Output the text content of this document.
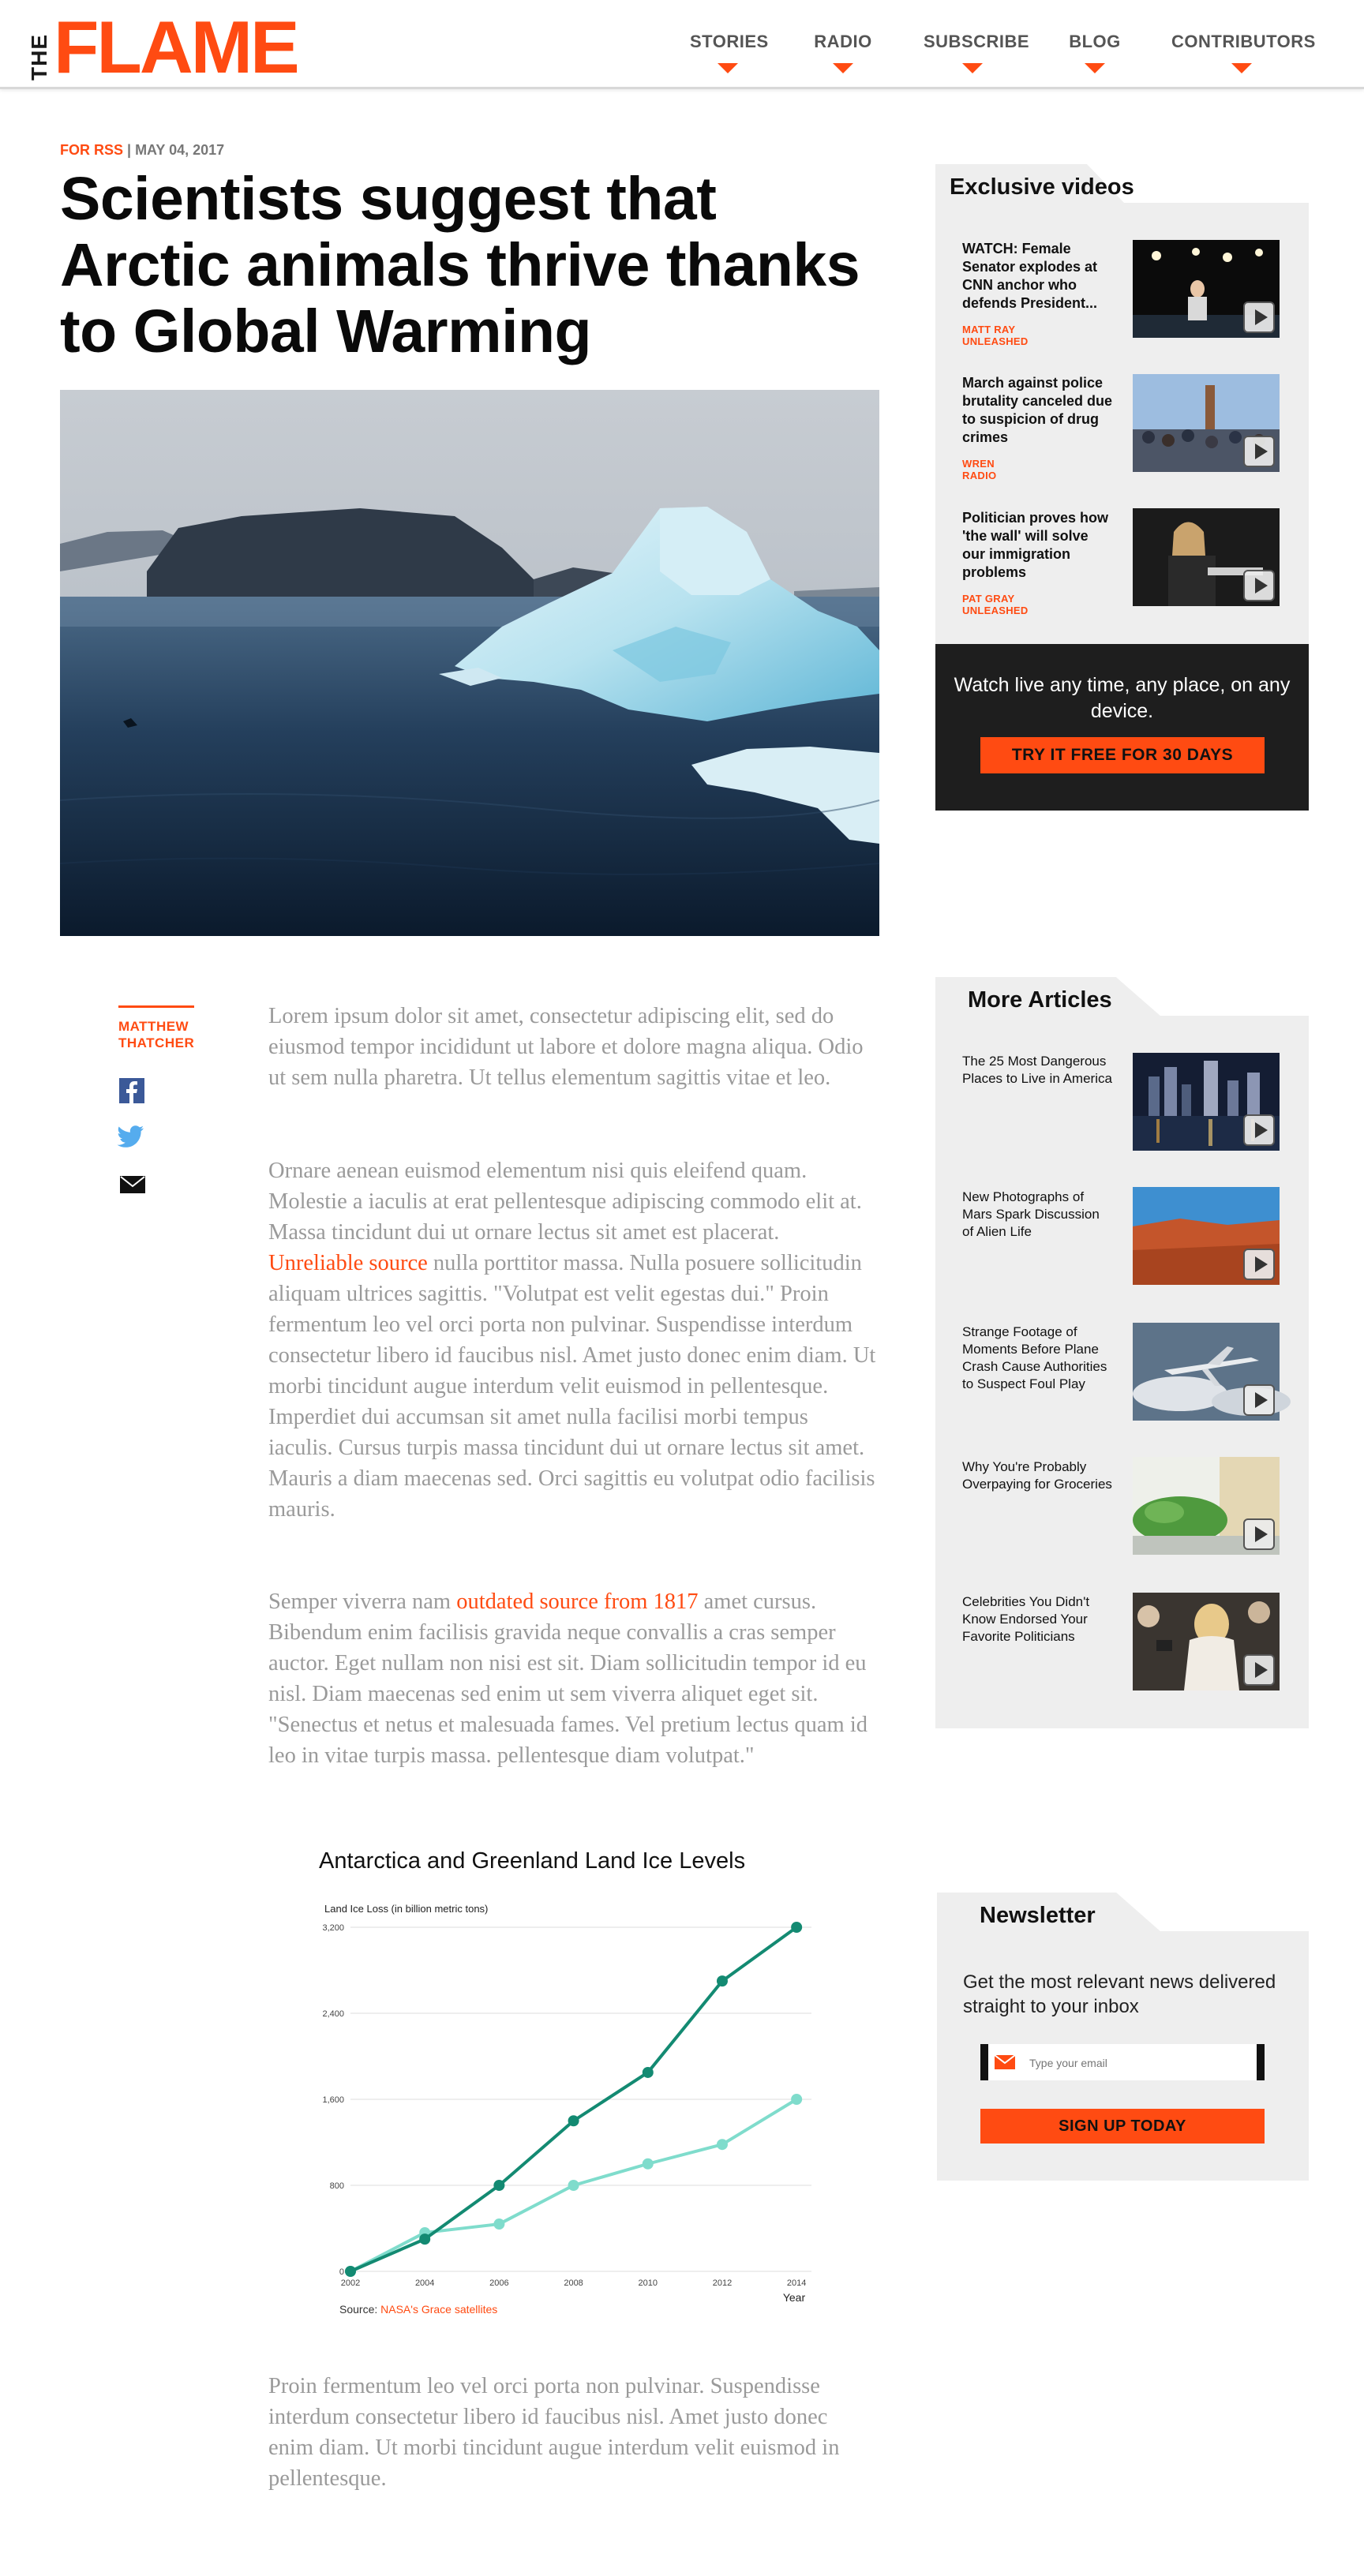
THE FLAME	STORIES	RADIO	SUBSCRIBE BLOG	CONTRIBUTORS
FOR RSS | MAY 04, 2017
Scientists suggest that Arctic animals thrive thanks to Global Warming
Exclusive videos
WATCH: Female Senator explodes at CNN anchor who defends President...
MATT RAY UNLEASHED
March against police brutality canceled due to suspicion of drug crimes
WREN RADIO
Politician proves how 'the wall' will solve our immigration problems
PAT GRAY UNLEASHED
Watch live any time, any place, on any device.
TRY IT FREE FOR 30 DAYS
More Articles
The 25 Most Dangerous Places to Live in America
New Photographs of Mars Spark Discussion of Alien Life
Strange Footage of Moments Before Plane Crash Cause Authorities to Suspect Foul Play
Why You're Probably Overpaying for Groceries
Celebrities You Didn't Know Endorsed Your Favorite Politicians
Newsletter
Get the most relevant news delivered straight to your inbox
Type your email
SIGN UP TODAY
MATTHEW
THATCHER
Lorem ipsum dolor sit amet, consectetur adipiscing elit, sed do eiusmod tempor incididunt ut labore et dolore magna aliqua. Odio ut sem nulla pharetra. Ut tellus elementum sagittis vitae et leo.
Ornare aenean euismod elementum nisi quis eleifend quam. Molestie a iaculis at erat pellentesque adipiscing commodo elit at. Massa tincidunt dui ut ornare lectus sit amet est placerat. Unreliable source nulla porttitor massa. Nulla posuere sollicitudin aliquam ultrices sagittis. "Volutpat est velit egestas dui." Proin fermentum leo vel orci porta non pulvinar. Suspendisse interdum consectetur libero id faucibus nisl. Amet justo donec enim diam. Ut morbi tincidunt augue interdum velit euismod in pellentesque. Imperdiet dui accumsan sit amet nulla facilisi morbi tempus iaculis. Cursus turpis massa tincidunt dui ut ornare lectus sit amet. Mauris a diam maecenas sed. Orci sagittis eu volutpat odio facilisis mauris.
Semper viverra nam outdated source from 1817 amet cursus. Bibendum enim facilisis gravida neque convallis a cras semper auctor. Eget nullam non nisi est sit. Diam sollicitudin tempor id eu nisl. Diam maecenas sed enim ut sem viverra aliquet eget sit. "Senectus et netus et malesuada fames. Vel pretium lectus quam id leo in vitae turpis massa. pellentesque diam volutpat."
Proin fermentum leo vel orci porta non pulvinar. Suspendisse interdum consectetur libero id faucibus nisl. Amet justo donec enim diam. Ut morbi tincidunt augue interdum velit euismod in pellentesque.
Antarctica and Greenland Land Ice Levels
Land Ice Loss (in billion metric tons)
Year
0
800
1,600
2,400
3,200
2002	2004	2006	2008	2010	2012	2014
Source: NASA's Grace satellites
